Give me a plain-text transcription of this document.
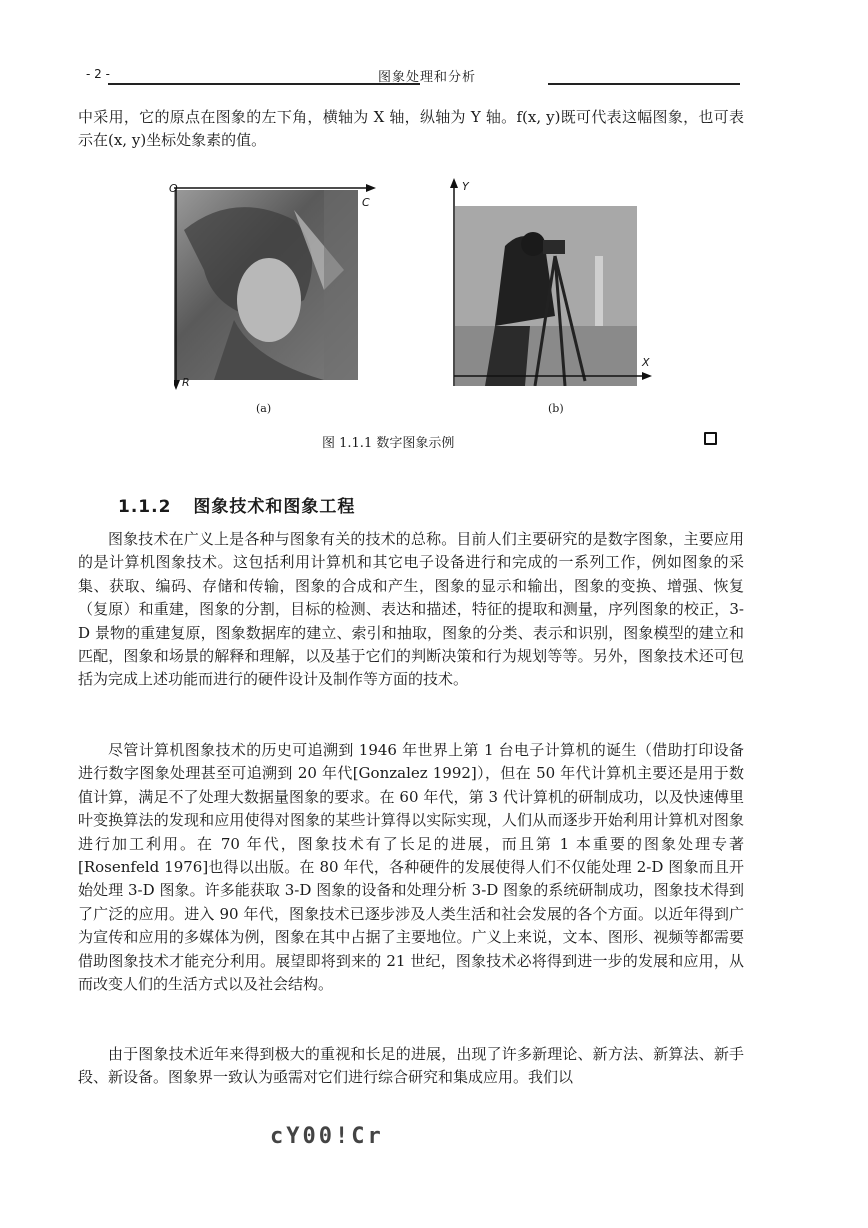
- 2 -	图象处理和分析
中采用，它的原点在图象的左下角，横轴为 X 轴，纵轴为 Y 轴。f(x, y)既可代表这幅图象，也可表示在(x, y)坐标处象素的值。
O
C
R
(a)
Y
X
(b)
图 1.1.1 数字图象示例
1.1.2 图象技术和图象工程
图象技术在广义上是各种与图象有关的技术的总称。目前人们主要研究的是数字图象，主要应用的是计算机图象技术。这包括利用计算机和其它电子设备进行和完成的一系列工作，例如图象的采集、获取、编码、存储和传输，图象的合成和产生，图象的显示和输出，图象的变换、增强、恢复（复原）和重建，图象的分割，目标的检测、表达和描述，特征的提取和测量，序列图象的校正，3-D 景物的重建复原，图象数据库的建立、索引和抽取，图象的分类、表示和识别，图象模型的建立和匹配，图象和场景的解释和理解，以及基于它们的判断决策和行为规划等等。另外，图象技术还可包括为完成上述功能而进行的硬件设计及制作等方面的技术。
尽管计算机图象技术的历史可追溯到 1946 年世界上第 1 台电子计算机的诞生（借助打印设备进行数字图象处理甚至可追溯到 20 年代[Gonzalez 1992]），但在 50 年代计算机主要还是用于数值计算，满足不了处理大数据量图象的要求。在 60 年代，第 3 代计算机的研制成功，以及快速傅里叶变换算法的发现和应用使得对图象的某些计算得以实际实现，人们从而逐步开始利用计算机对图象进行加工利用。在 70 年代，图象技术有了长足的进展，而且第 1 本重要的图象处理专著[Rosenfeld 1976]也得以出版。在 80 年代，各种硬件的发展使得人们不仅能处理 2-D 图象而且开始处理 3-D 图象。许多能获取 3-D 图象的设备和处理分析 3-D 图象的系统研制成功，图象技术得到了广泛的应用。进入 90 年代，图象技术已逐步涉及人类生活和社会发展的各个方面。以近年得到广为宣传和应用的多媒体为例，图象在其中占据了主要地位。广义上来说，文本、图形、视频等都需要借助图象技术才能充分利用。展望即将到来的 21 世纪，图象技术必将得到进一步的发展和应用，从而改变人们的生活方式以及社会结构。
由于图象技术近年来得到极大的重视和长足的进展，出现了许多新理论、新方法、新算法、新手段、新设备。图象界一致认为亟需对它们进行综合研究和集成应用。我们以
cY00!Cr
